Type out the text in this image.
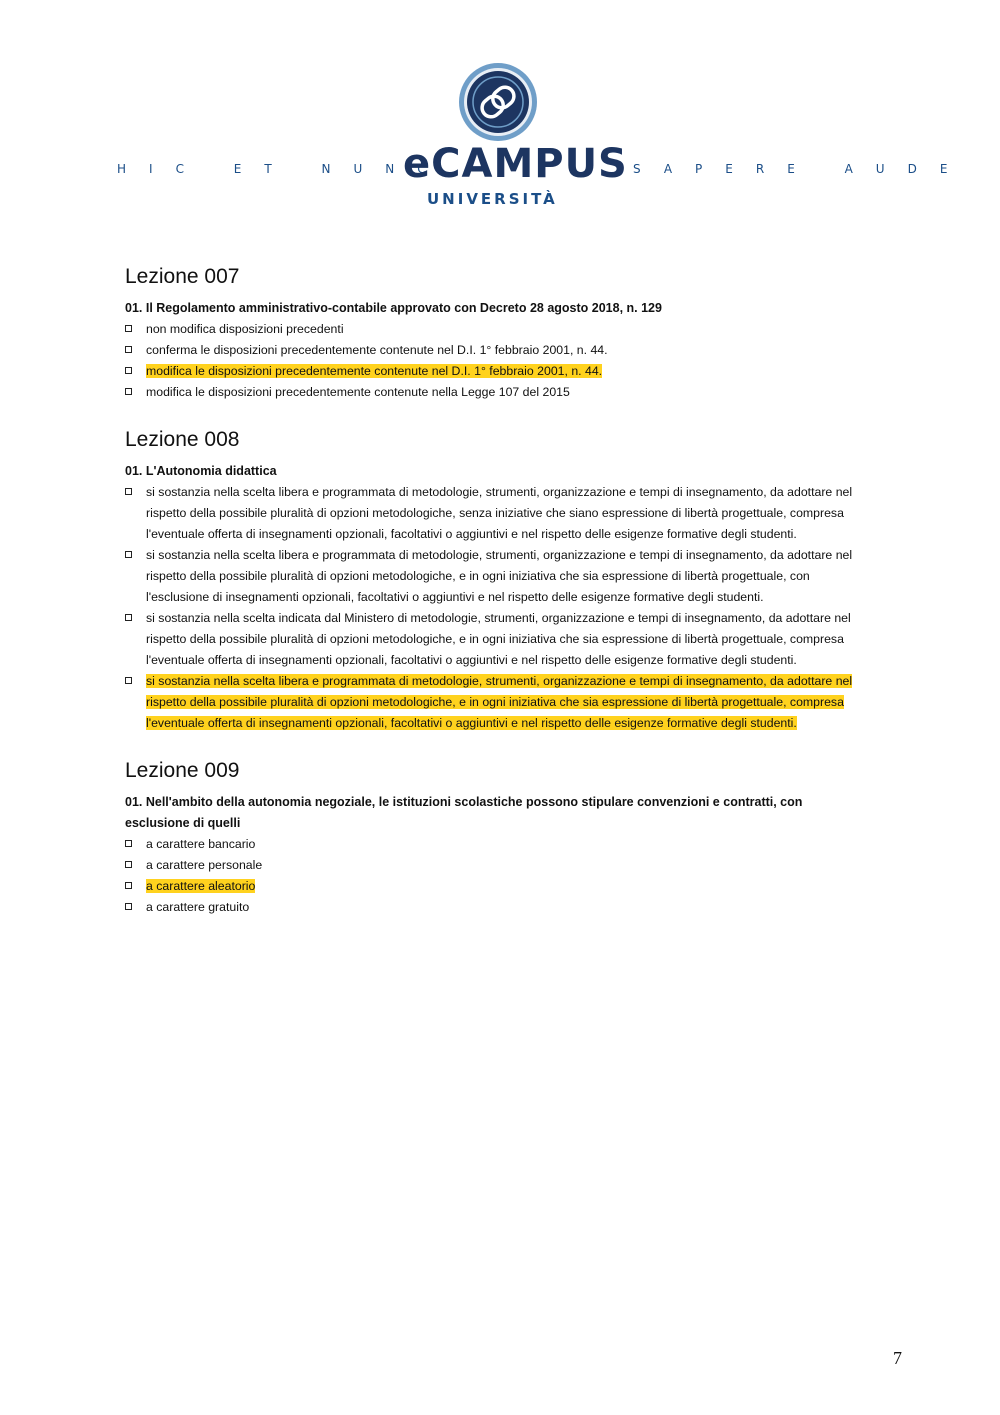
HIC ET NUNC
eCAMPUS
UNIVERSITÀ
SAPERE AUDE
Lezione 007

01. Il Regolamento amministrativo-contabile approvato con Decreto 28 agosto 2018, n. 129

non modifica disposizioni precedenti
conferma le disposizioni precedentemente contenute nel D.I. 1° febbraio 2001, n. 44.
modifica le disposizioni precedentemente contenute nel D.I. 1° febbraio 2001, n. 44.
modifica le disposizioni precedentemente contenute nella Legge 107 del 2015
Lezione 008

01. L'Autonomia didattica

si sostanzia nella scelta libera e programmata di metodologie, strumenti, organizzazione e tempi di insegnamento, da adottare nel rispetto della possibile pluralità di opzioni metodologiche, senza iniziative che siano espressione di libertà progettuale, compresa l'eventuale offerta di insegnamenti opzionali, facoltativi o aggiuntivi e nel rispetto delle esigenze formative degli studenti.
si sostanzia nella scelta libera e programmata di metodologie, strumenti, organizzazione e tempi di insegnamento, da adottare nel rispetto della possibile pluralità di opzioni metodologiche, e in ogni iniziativa che sia espressione di libertà progettuale, con l'esclusione di insegnamenti opzionali, facoltativi o aggiuntivi e nel rispetto delle esigenze formative degli studenti.
si sostanzia nella scelta indicata dal Ministero di metodologie, strumenti, organizzazione e tempi di insegnamento, da adottare nel rispetto della possibile pluralità di opzioni metodologiche, e in ogni iniziativa che sia espressione di libertà progettuale, compresa l'eventuale offerta di insegnamenti opzionali, facoltativi o aggiuntivi e nel rispetto delle esigenze formative degli studenti.
si sostanzia nella scelta libera e programmata di metodologie, strumenti, organizzazione e tempi di insegnamento, da adottare nel rispetto della possibile pluralità di opzioni metodologiche, e in ogni iniziativa che sia espressione di libertà progettuale, compresa l'eventuale offerta di insegnamenti opzionali, facoltativi o aggiuntivi e nel rispetto delle esigenze formative degli studenti.
Lezione 009

01. Nell'ambito della autonomia negoziale, le istituzioni scolastiche possono stipulare convenzioni e contratti, con esclusione di quelli

a carattere bancario
a carattere personale
a carattere aleatorio
a carattere gratuito
7
